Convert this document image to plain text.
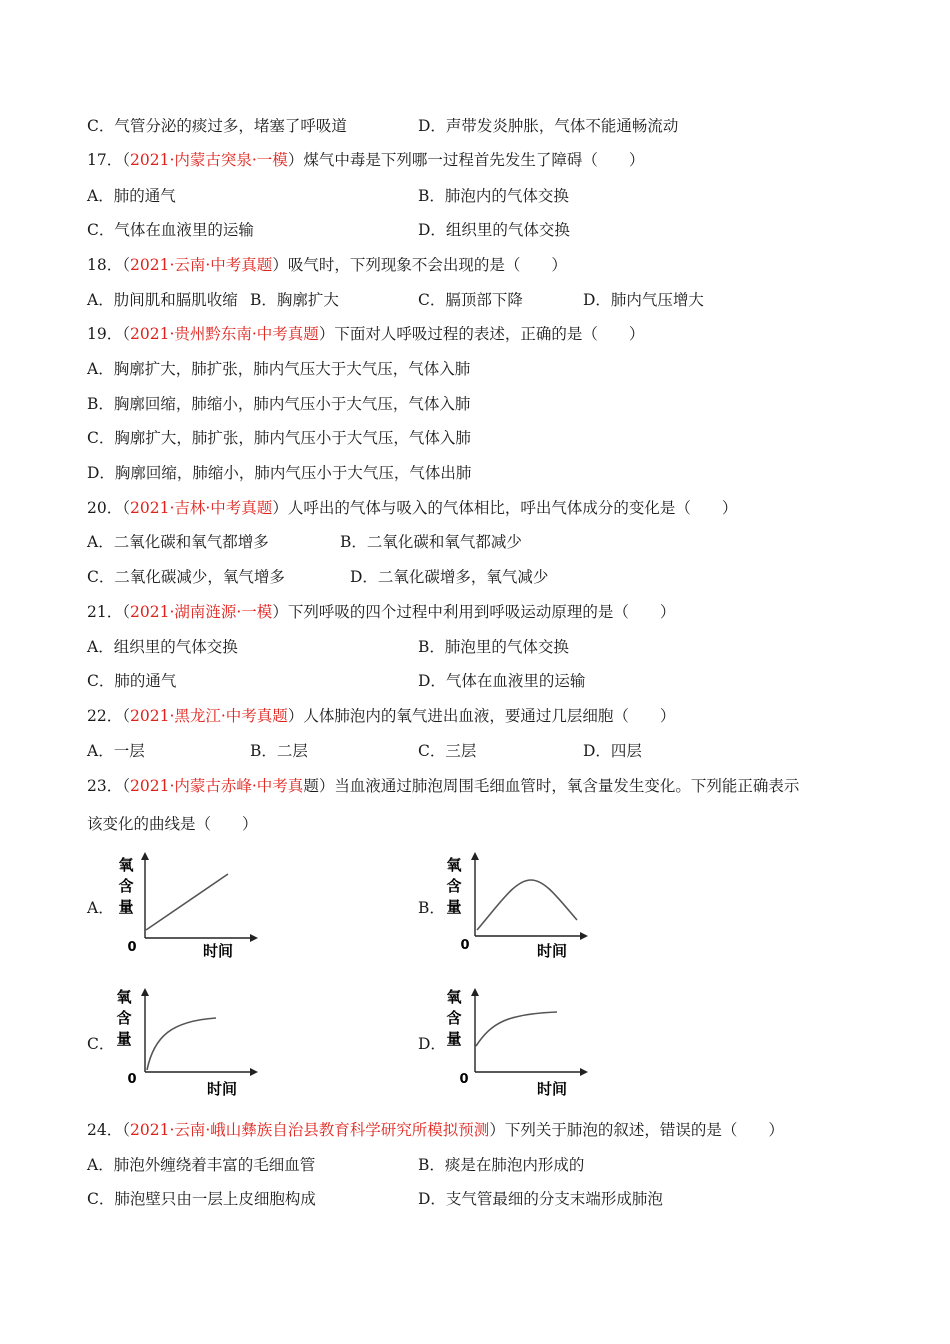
C．气管分泌的痰过多，堵塞了呼吸道	D．声带发炎肿胀，气体不能通畅流动
17．（2021·内蒙古突泉·一模）煤气中毒是下列哪一过程首先发生了障碍（　　）
A．肺的通气	B．肺泡内的气体交换
C．气体在血液里的运输	D．组织里的气体交换
18．（2021·云南·中考真题）吸气时，下列现象不会出现的是（　　）
A．肋间肌和膈肌收缩 B．胸廓扩大	C．膈顶部下降	D．肺内气压增大
19．（2021·贵州黔东南·中考真题）下面对人呼吸过程的表述，正确的是（　　）
A．胸廓扩大，肺扩张，肺内气压大于大气压，气体入肺
B．胸廓回缩，肺缩小，肺内气压小于大气压，气体入肺
C．胸廓扩大，肺扩张，肺内气压小于大气压，气体入肺
D．胸廓回缩，肺缩小，肺内气压小于大气压，气体出肺
20．（2021·吉林·中考真题）人呼出的气体与吸入的气体相比，呼出气体成分的变化是（　　）
A．二氧化碳和氧气都增多	B．二氧化碳和氧气都减少
C．二氧化碳减少，氧气增多	D．二氧化碳增多，氧气减少
21．（2021·湖南涟源·一模）下列呼吸的四个过程中利用到呼吸运动原理的是（　　）
A．组织里的气体交换	B．肺泡里的气体交换
C．肺的通气	D．气体在血液里的运输
22．（2021·黑龙江·中考真题）人体肺泡内的氧气进出血液，要通过几层细胞（　　）
A．一层	B．二层	C．三层	D．四层
23．（2021·内蒙古赤峰·中考真题）当血液通过肺泡周围毛细血管时，氧含量发生变化。下列能正确表示
该变化的曲线是（　　）
A．	B．
C．	D．
氧
含
量
0	时间
氧
含
量
0	时间
氧
含
量
0
时间
氧
含
量
0
时间
24．（2021·云南·峨山彝族自治县教育科学研究所模拟预测）下列关于肺泡的叙述，错误的是（　　）
A．肺泡外缠绕着丰富的毛细血管	B．痰是在肺泡内形成的
C．肺泡壁只由一层上皮细胞构成	D．支气管最细的分支末端形成肺泡
